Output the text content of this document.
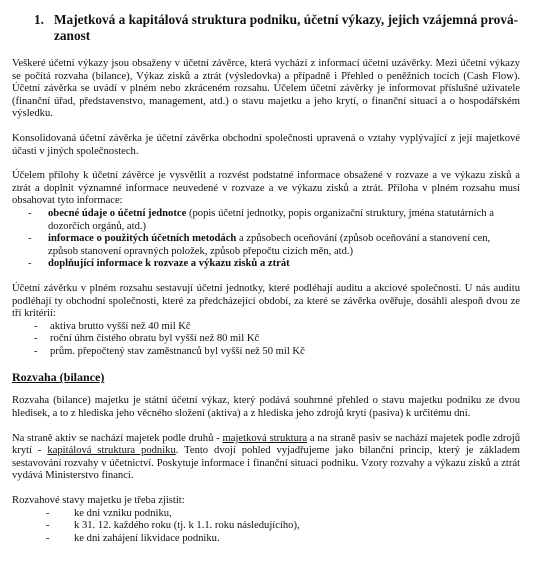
1. Majetková a kapitálová struktura podniku, účetní výkazy, jejich vzájemná prová-zanost

Veškeré účetní výkazy jsou obsaženy v účetní závěrce, která vychází z informací účetní uzávěrky. Mezi účetní výkazy se počítá rozvaha (bilance), Výkaz zisků a ztrát (výsledovka) a případně i Přehled o peněžních tocích (Cash Flow). Účetní závěrka se uvádí v plném nebo zkráceném rozsahu. Účelem účetní závěrky je informovat příslušné uživatele (finanční úřad, představenstvo, management, atd.) o stavu majetku a jeho krytí, o finanční situaci a o hospodářském výsledku.

Konsolidovaná účetní závěrka je účetní závěrka obchodní společnosti upravená o vztahy vyplývající z její majetkové účasti v jiných společnostech.

Účelem přílohy k účetní závěrce je vysvětlit a rozvést podstatné informace obsažené v rozvaze a ve výkazu zisků a ztrát a doplnit významné informace neuvedené v rozvaze a ve výkazu zisků a ztrát. Příloha v plném rozsahu musí obsahovat tyto informace:

-	obecné údaje o účetní jednotce (popis účetní jednotky, popis organizační struktury, jména statutárních a dozorčích orgánů, atd.)
-	informace o použitých účetních metodách a způsobech oceňování (způsob oceňování a stanovení cen, způsob stanovení opravných položek, způsob přepočtu cizích měn, atd.)
-	doplňující informace k rozvaze a výkazu zisků a ztrát

Účetní závěrku v plném rozsahu sestavují účetní jednotky, které podléhají auditu a akciové společnosti. U nás auditu podléhají ty obchodní společnosti, které za předcházející období, za které se závěrka ověřuje, dosáhli alespoň dvou ze tří kritérií:

-	aktiva brutto vyšší než 40 mil Kč
-	roční úhrn čistého obratu byl vyšší než 80 mil Kč
-	prům. přepočtený stav zaměstnanců byl vyšší než 50 mil Kč
Rozvaha (bilance)

Rozvaha (bilance) majetku je státní účetní výkaz, který podává souhrnné přehled o stavu majetku podniku ze dvou hledisek, a to z hlediska jeho věcného složení (aktiva) a z hlediska jeho zdrojů krytí (pasiva) k určitému dni.

Na straně aktiv se nachází majetek podle druhů - majetková struktura a na straně pasiv se nachází majetek podle zdrojů krytí - kapitálová struktura podniku. Tento dvojí pohled vyjadřujeme jako bilanční princip, který je základem sestavování rozvahy v účetnictví. Poskytuje informace i finanční situaci podniku. Vzory rozvahy a výkazu zisků a ztrát vydává Ministerstvo financí.

Rozvahové stavy majetku je třeba zjistit:

-	ke dni vzniku podniku,
-	k 31. 12. každého roku (tj. k 1.1. roku následujícího),
-	ke dni zahájení likvidace podniku.
